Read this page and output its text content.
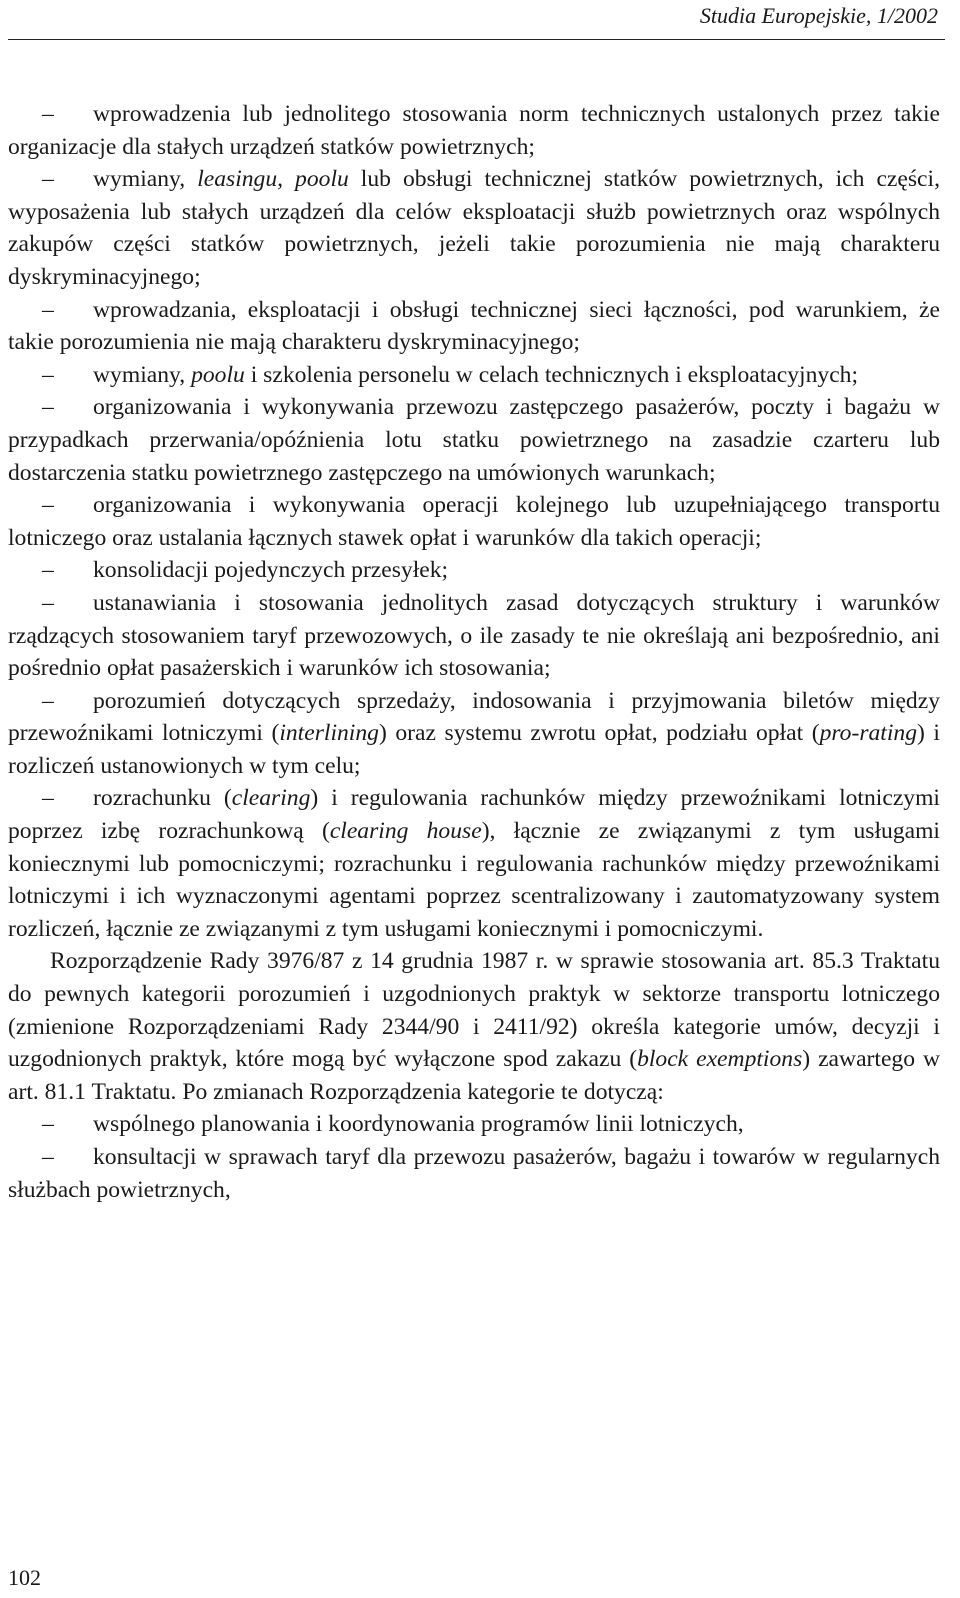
Studia Europejskie, 1/2002

– wprowadzenia lub jednolitego stosowania norm technicznych ustalonych przez takie organizacje dla stałych urządzeń statków powietrznych;

– wymiany, leasingu, poolu lub obsługi technicznej statków powietrznych, ich części, wyposażenia lub stałych urządzeń dla celów eksploatacji służb powietrznych oraz wspólnych zakupów części statków powietrznych, jeżeli takie porozumienia nie mają charakteru dyskryminacyjnego;

– wprowadzania, eksploatacji i obsługi technicznej sieci łączności, pod warunkiem, że takie porozumienia nie mają charakteru dyskryminacyjnego;

– wymiany, poolu i szkolenia personelu w celach technicznych i eksploatacyjnych;

– organizowania i wykonywania przewozu zastępczego pasażerów, poczty i bagażu w przypadkach przerwania/opóźnienia lotu statku powietrznego na zasadzie czarteru lub dostarczenia statku powietrznego zastępczego na umówionych warunkach;

– organizowania i wykonywania operacji kolejnego lub uzupełniającego transportu lotniczego oraz ustalania łącznych stawek opłat i warunków dla takich operacji;

– konsolidacji pojedynczych przesyłek;

– ustanawiania i stosowania jednolitych zasad dotyczących struktury i warunków rządzących stosowaniem taryf przewozowych, o ile zasady te nie określają ani bezpośrednio, ani pośrednio opłat pasażerskich i warunków ich stosowania;

– porozumień dotyczących sprzedaży, indosowania i przyjmowania biletów między przewoźnikami lotniczymi (interlining) oraz systemu zwrotu opłat, podziału opłat (pro-rating) i rozliczeń ustanowionych w tym celu;

– rozrachunku (clearing) i regulowania rachunków między przewoźnikami lotniczymi poprzez izbę rozrachunkową (clearing house), łącznie ze związanymi z tym usługami koniecznymi lub pomocniczymi; rozrachunku i regulowania rachunków między przewoźnikami lotniczymi i ich wyznaczonymi agentami poprzez scentralizowany i zautomatyzowany system rozliczeń, łącznie ze związanymi z tym usługami koniecznymi i pomocniczymi.

Rozporządzenie Rady 3976/87 z 14 grudnia 1987 r. w sprawie stosowania art. 85.3 Traktatu do pewnych kategorii porozumień i uzgodnionych praktyk w sektorze transportu lotniczego (zmienione Rozporządzeniami Rady 2344/90 i 2411/92) określa kategorie umów, decyzji i uzgodnionych praktyk, które mogą być wyłączone spod zakazu (block exemptions) zawartego w art. 81.1 Traktatu. Po zmianach Rozporządzenia kategorie te dotyczą:

– wspólnego planowania i koordynowania programów linii lotniczych,

– konsultacji w sprawach taryf dla przewozu pasażerów, bagażu i towarów w regularnych służbach powietrznych,

102
